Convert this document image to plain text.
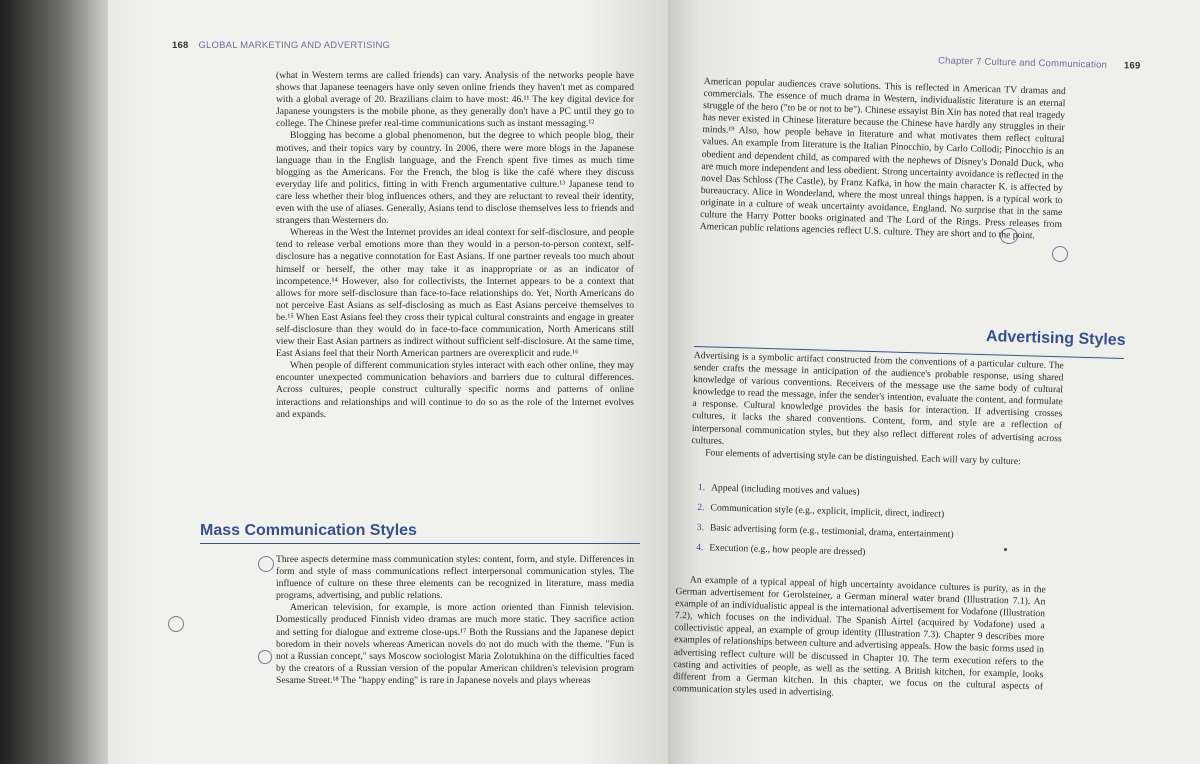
168 GLOBAL MARKETING AND ADVERTISING

(what in Western terms are called friends) can vary. Analysis of the networks people have shows that Japanese teenagers have only seven online friends they haven't met as compared with a global average of 20. Brazilians claim to have most: 46.¹¹ The key digital device for Japanese youngsters is the mobile phone, as they generally don't have a PC until they go to college. The Chinese prefer real-time communications such as instant messaging.¹²

Blogging has become a global phenomenon, but the degree to which people blog, their motives, and their topics vary by country. In 2006, there were more blogs in the Japanese language than in the English language, and the French spent five times as much time blogging as the Americans. For the French, the blog is like the café where they discuss everyday life and politics, fitting in with French argumentative culture.¹³ Japanese tend to care less whether their blog influences others, and they are reluctant to reveal their identity, even with the use of aliases. Generally, Asians tend to disclose themselves less to friends and strangers than Westerners do.

Whereas in the West the Internet provides an ideal context for self-disclosure, and people tend to release verbal emotions more than they would in a person-to-person context, self-disclosure has a negative connotation for East Asians. If one partner reveals too much about himself or herself, the other may take it as inappropriate or as an indicator of incompetence.¹⁴ However, also for collectivists, the Internet appears to be a context that allows for more self-disclosure than face-to-face relationships do. Yet, North Americans do not perceive East Asians as self-disclosing as much as East Asians perceive themselves to be.¹⁵ When East Asians feel they cross their typical cultural constraints and engage in greater self-disclosure than they would do in face-to-face communication, North Americans still view their East Asian partners as indirect without sufficient self-disclosure. At the same time, East Asians feel that their North American partners are overexplicit and rude.¹⁶

When people of different communication styles interact with each other online, they may encounter unexpected communication behaviors and barriers due to cultural differences. Across cultures, people construct culturally specific norms and patterns of online interactions and relationships and will continue to do so as the role of the Internet evolves and expands.

Mass Communication Styles

Three aspects determine mass communication styles: content, form, and style. Differences in form and style of mass communications reflect interpersonal communication styles. The influence of culture on these three elements can be recognized in literature, mass media programs, advertising, and public relations.

American television, for example, is more action oriented than Finnish television. Domestically produced Finnish video dramas are much more static. They sacrifice action and setting for dialogue and extreme close-ups.¹⁷ Both the Russians and the Japanese depict boredom in their novels whereas American novels do not do much with the theme. "Fun is not a Russian concept," says Moscow sociologist Maria Zolotukhina on the difficulties faced by the creators of a Russian version of the popular American children's television program Sesame Street.¹⁸ The "happy ending" is rare in Japanese novels and plays whereas

Chapter 7 Culture and Communication 169

American popular audiences crave solutions. This is reflected in American TV dramas and commercials. The essence of much drama in Western, individualistic literature is an eternal struggle of the hero ("to be or not to be"). Chinese essayist Bin Xin has noted that real tragedy has never existed in Chinese literature because the Chinese have hardly any struggles in their minds.¹⁹ Also, how people behave in literature and what motivates them reflect cultural values. An example from literature is the Italian Pinocchio, by Carlo Collodi; Pinocchio is an obedient and dependent child, as compared with the nephews of Disney's Donald Duck, who are much more independent and less obedient. Strong uncertainty avoidance is reflected in the novel Das Schloss (The Castle), by Franz Kafka, in how the main character K. is affected by bureaucracy. Alice in Wonderland, where the most unreal things happen, is a typical work to originate in a culture of weak uncertainty avoidance, England. No surprise that in the same culture the Harry Potter books originated and The Lord of the Rings. Press releases from American public relations agencies reflect U.S. culture. They are short and to the point.

Advertising Styles

Advertising is a symbolic artifact constructed from the conventions of a particular culture. The sender crafts the message in anticipation of the audience's probable response, using shared knowledge of various conventions. Receivers of the message use the same body of cultural knowledge to read the message, infer the sender's intention, evaluate the content, and formulate a response. Cultural knowledge provides the basis for interaction. If advertising crosses cultures, it lacks the shared conventions. Content, form, and style are a reflection of interpersonal communication styles, but they also reflect different roles of advertising across cultures.

Four elements of advertising style can be distinguished. Each will vary by culture:

1. Appeal (including motives and values)
2. Communication style (e.g., explicit, implicit, direct, indirect)
3. Basic advertising form (e.g., testimonial, drama, entertainment)
4. Execution (e.g., how people are dressed)

An example of a typical appeal of high uncertainty avoidance cultures is purity, as in the German advertisement for Gerolsteiner, a German mineral water brand (Illustration 7.1). An example of an individualistic appeal is the international advertisement for Vodafone (Illustration 7.2), which focuses on the individual. The Spanish Airtel (acquired by Vodafone) used a collectivistic appeal, an example of group identity (Illustration 7.3). Chapter 9 describes more examples of relationships between culture and advertising appeals. How the basic forms used in advertising reflect culture will be discussed in Chapter 10. The term execution refers to the casting and activities of people, as well as the setting. A British kitchen, for example, looks different from a German kitchen. In this chapter, we focus on the cultural aspects of communication styles used in advertising.
